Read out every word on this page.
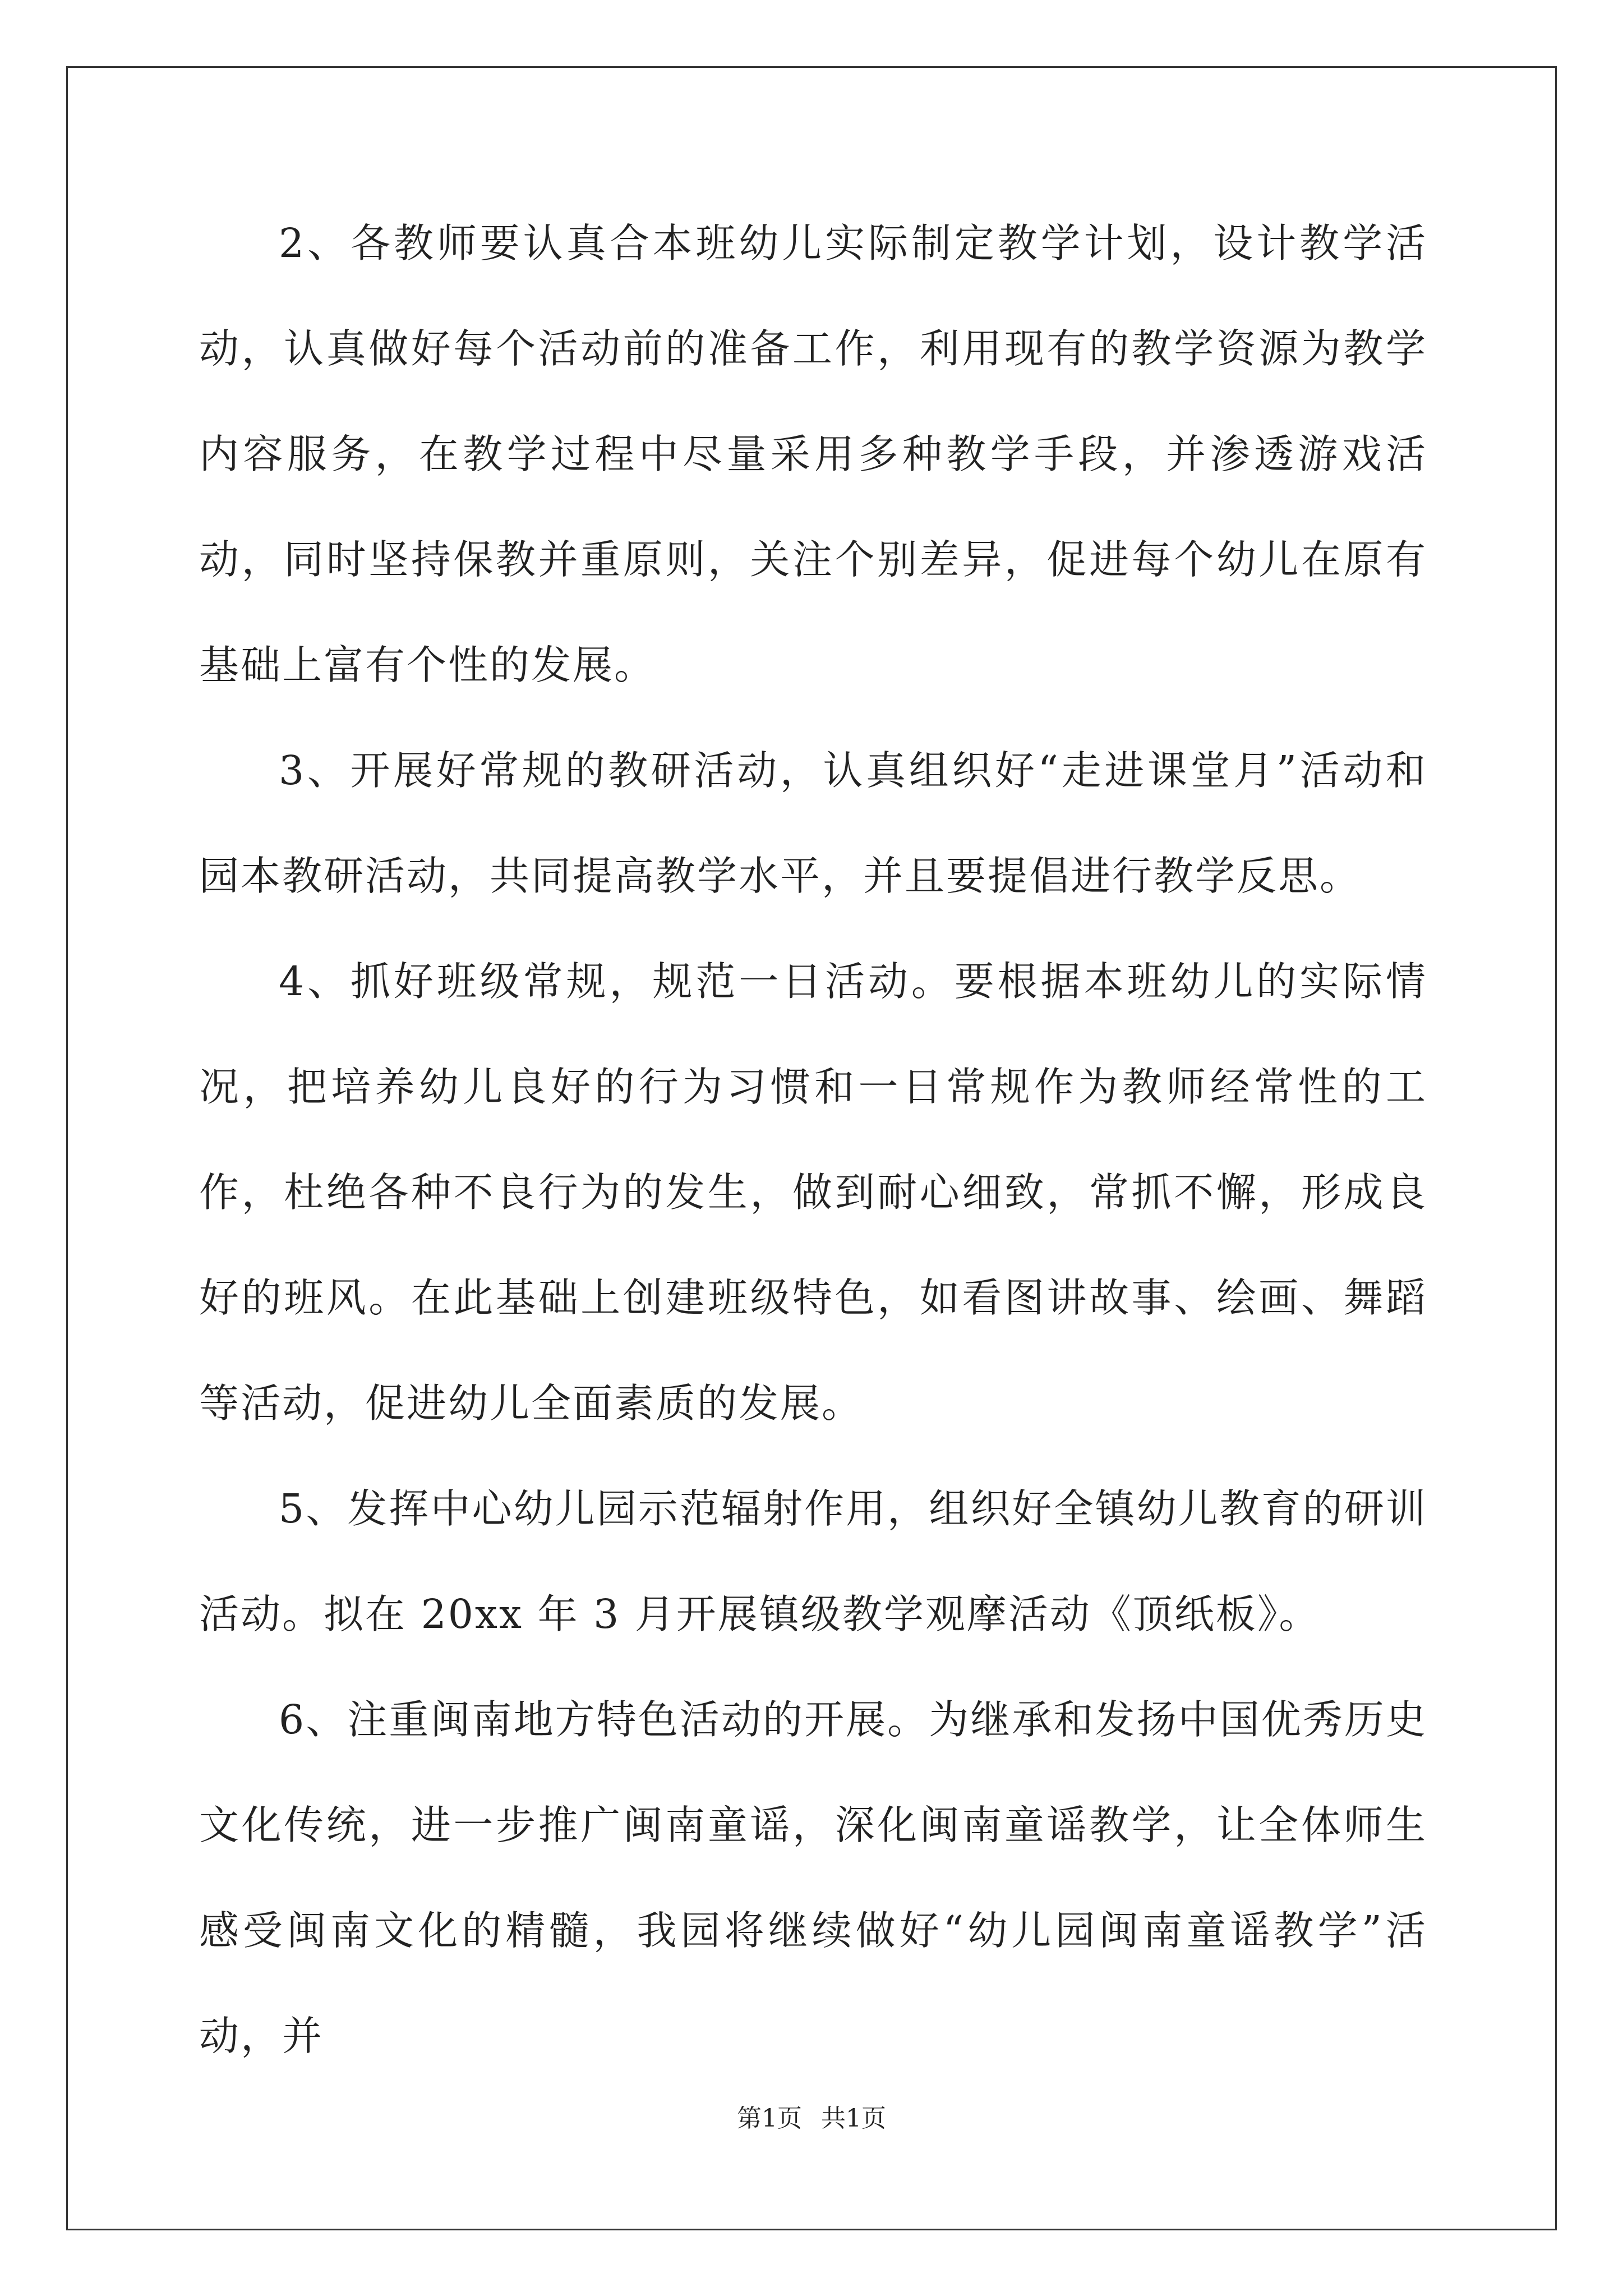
2、各教师要认真合本班幼儿实际制定教学计划，设计教学活动，认真做好每个活动前的准备工作，利用现有的教学资源为教学内容服务，在教学过程中尽量采用多种教学手段，并渗透游戏活动，同时坚持保教并重原则，关注个别差异，促进每个幼儿在原有基础上富有个性的发展。

3、开展好常规的教研活动，认真组织好“走进课堂月”活动和园本教研活动，共同提高教学水平，并且要提倡进行教学反思。

4、抓好班级常规，规范一日活动。要根据本班幼儿的实际情况，把培养幼儿良好的行为习惯和一日常规作为教师经常性的工作，杜绝各种不良行为的发生，做到耐心细致，常抓不懈，形成良好的班风。在此基础上创建班级特色，如看图讲故事、绘画、舞蹈等活动，促进幼儿全面素质的发展。

5、发挥中心幼儿园示范辐射作用，组织好全镇幼儿教育的研训活动。拟在 20xx 年 3 月开展镇级教学观摩活动《顶纸板》。

6、注重闽南地方特色活动的开展。为继承和发扬中国优秀历史文化传统，进一步推广闽南童谣，深化闽南童谣教学，让全体师生感受闽南文化的精髓，我园将继续做好“幼儿园闽南童谣教学”活动，并

第1页 共1页
